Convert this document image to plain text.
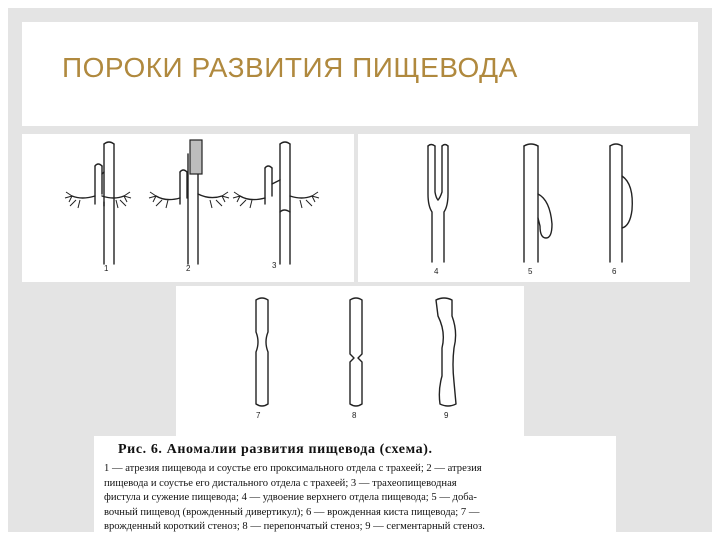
ПОРОКИ РАЗВИТИЯ ПИЩЕВОДА
1	2	3
4	5	6
7	8	9
Рис. 6. Аномалии развития пищевода (схема).
1 — атрезия пищевода и соустье его проксимального отдела с трахеей; 2 — атрезия
пищевода и соустье его дистального отдела с трахеей; 3 — трахеопищеводная
фистула и сужение пищевода; 4 — удвоение верхнего отдела пищевода; 5 — доба-
вочный пищевод (врожденный дивертикул); 6 — врожденная киста пищевода; 7 —
врожденный короткий стеноз; 8 — перепончатый стеноз; 9 — сегментарный стеноз.
